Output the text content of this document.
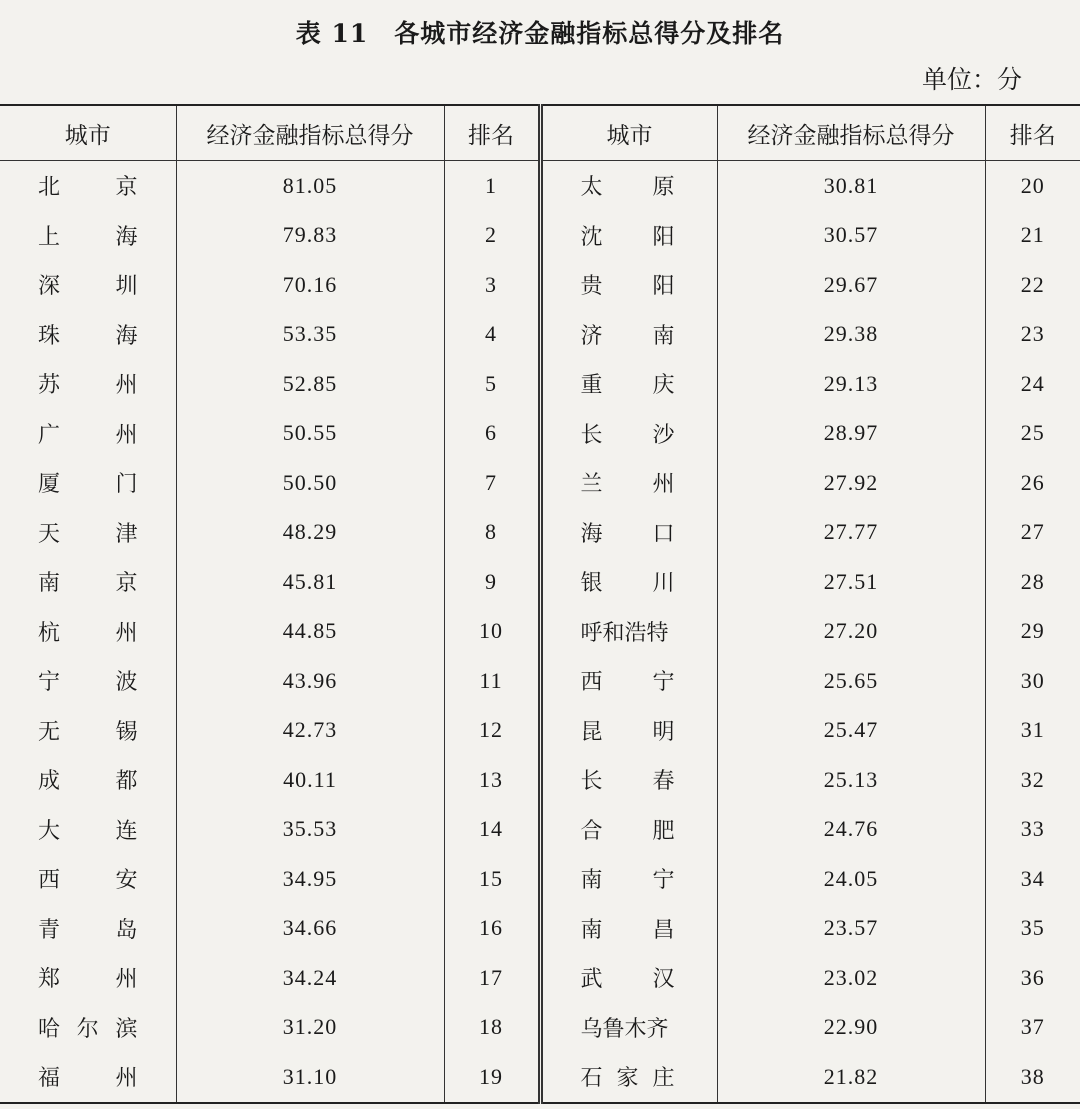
表 11　各城市经济金融指标总得分及排名
单位：分
城市	经济金融指标总得分	排名	城市	经济金融指标总得分	排名
北京	81.05	1	太原	30.81	20
上海	79.83	2	沈阳	30.57	21
深圳	70.16	3	贵阳	29.67	22
珠海	53.35	4	济南	29.38	23
苏州	52.85	5	重庆	29.13	24
广州	50.55	6	长沙	28.97	25
厦门	50.50	7	兰州	27.92	26
天津	48.29	8	海口	27.77	27
南京	45.81	9	银川	27.51	28
杭州	44.85	10	呼和浩特	27.20	29
宁波	43.96	11	西宁	25.65	30
无锡	42.73	12	昆明	25.47	31
成都	40.11	13	长春	25.13	32
大连	35.53	14	合肥	24.76	33
西安	34.95	15	南宁	24.05	34
青岛	34.66	16	南昌	23.57	35
郑州	34.24	17	武汉	23.02	36
哈尔滨	31.20	18	乌鲁木齐	22.90	37
福州	31.10	19	石家庄	21.82	38
